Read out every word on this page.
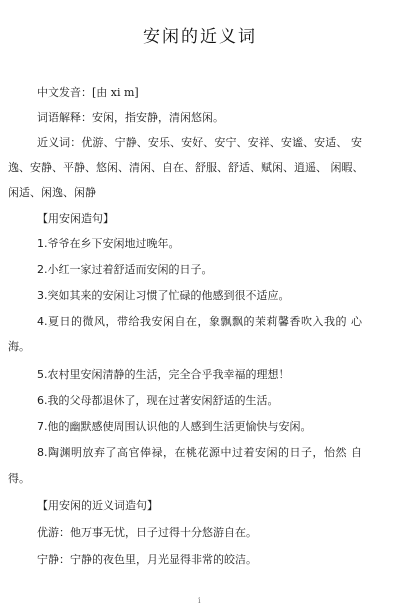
安闲的近义词
中文发音：[由 xi m]
词语解释：安闲，指安静，清闲悠闲。
近义词：优游、宁静、安乐、安好、安宁、安祥、安谧、安适、 安
逸、安静、平静、悠闲、清闲、自在、舒服、舒适、赋闲、逍遥、 闲暇、
闲适、闲逸、闲静
【用安闲造句】
1.爷爷在乡下安闲地过晚年。
2.小红一家过着舒适而安闲的日子。
3.突如其来的安闲让习惯了忙碌的他感到很不适应。
4.夏日的微风，带给我安闲自在，象飘飘的茉莉馨香吹入我的 心
海。
5.农村里安闲清静的生活，完全合乎我幸福的理想！
6.我的父母都退休了，现在过著安闲舒适的生活。
7.他的幽默感使周围认识他的人感到生活更愉快与安闲。
8.陶渊明放弃了高官俸禄，在桃花源中过着安闲的日子，怡然 自
得。
【用安闲的近义词造句】
优游：他万事无忧，日子过得十分悠游自在。
宁静：宁静的夜色里，月光显得非常的皎洁。
i
